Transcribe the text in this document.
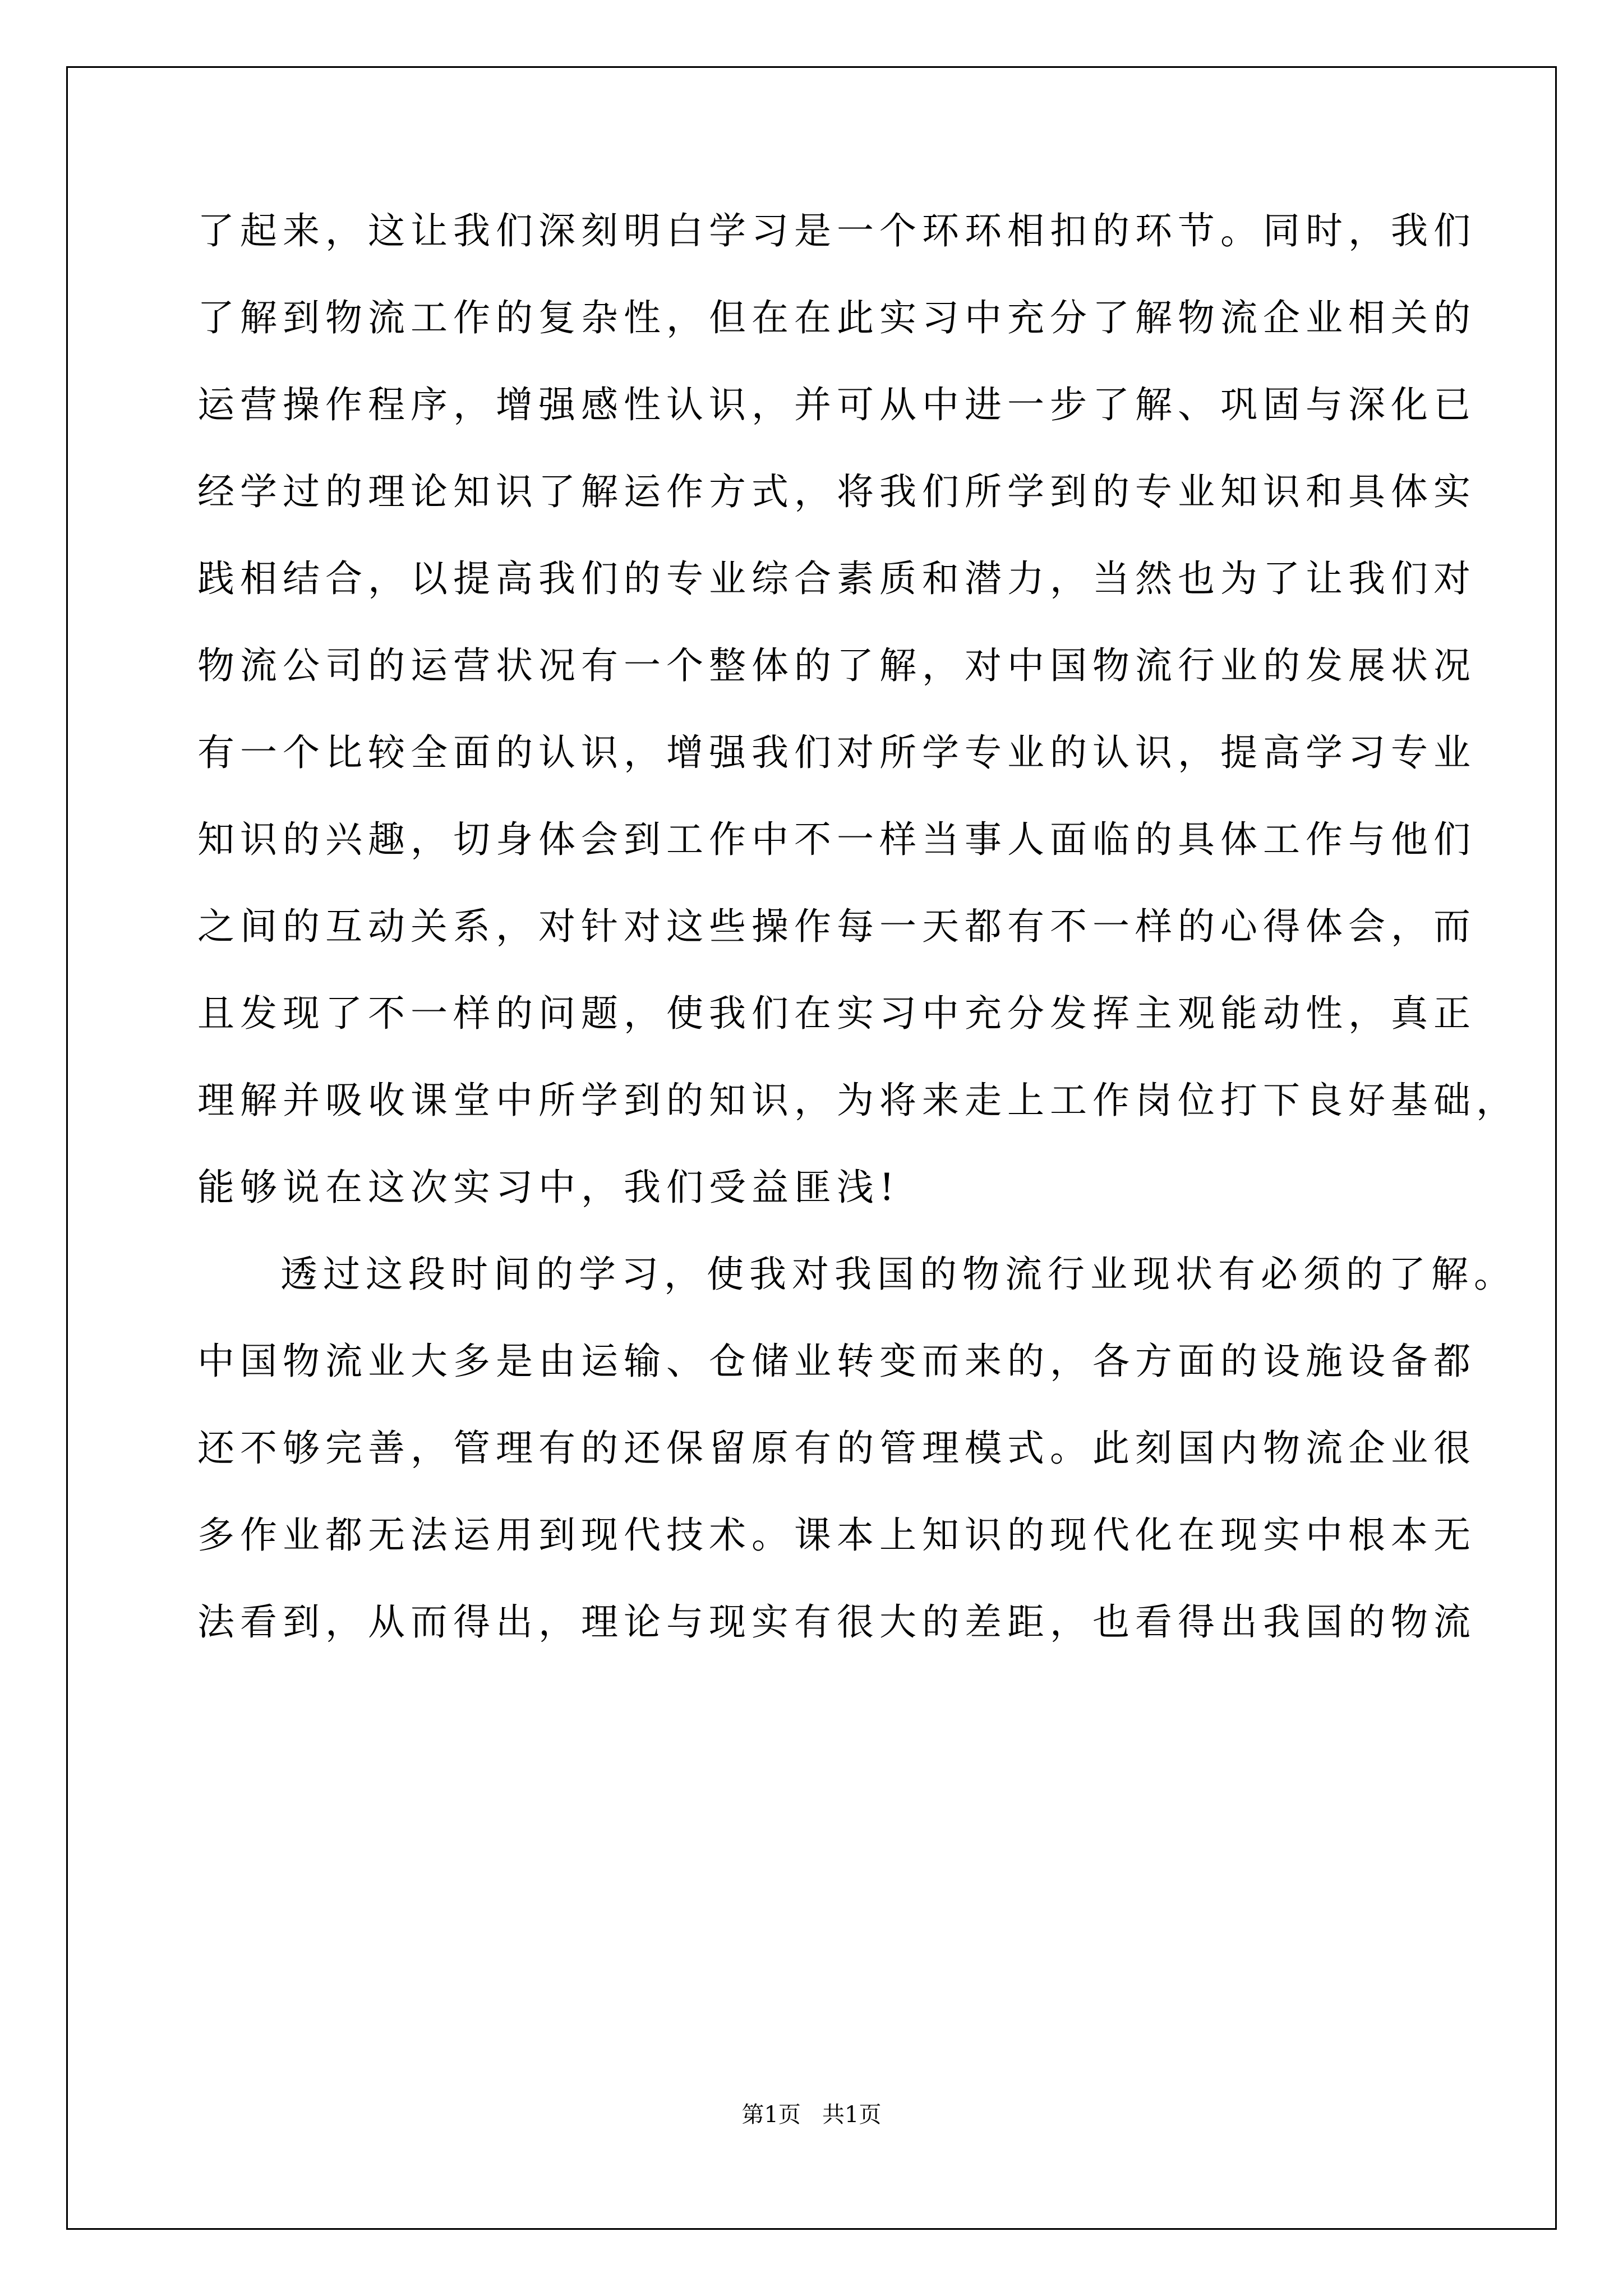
了起来，这让我们深刻明白学习是一个环环相扣的环节。同时，我们
了解到物流工作的复杂性，但在在此实习中充分了解物流企业相关的
运营操作程序，增强感性认识，并可从中进一步了解、巩固与深化已
经学过的理论知识了解运作方式，将我们所学到的专业知识和具体实
践相结合，以提高我们的专业综合素质和潜力，当然也为了让我们对
物流公司的运营状况有一个整体的了解，对中国物流行业的发展状况
有一个比较全面的认识，增强我们对所学专业的认识，提高学习专业
知识的兴趣，切身体会到工作中不一样当事人面临的具体工作与他们
之间的互动关系，对针对这些操作每一天都有不一样的心得体会，而
且发现了不一样的问题，使我们在实习中充分发挥主观能动性，真正
理解并吸收课堂中所学到的知识，为将来走上工作岗位打下良好基础，
能够说在这次实习中，我们受益匪浅!
透过这段时间的学习，使我对我国的物流行业现状有必须的了解。
中国物流业大多是由运输、仓储业转变而来的，各方面的设施设备都
还不够完善，管理有的还保留原有的管理模式。此刻国内物流企业很
多作业都无法运用到现代技术。课本上知识的现代化在现实中根本无
法看到，从而得出，理论与现实有很大的差距，也看得出我国的物流
第1页   共1页
